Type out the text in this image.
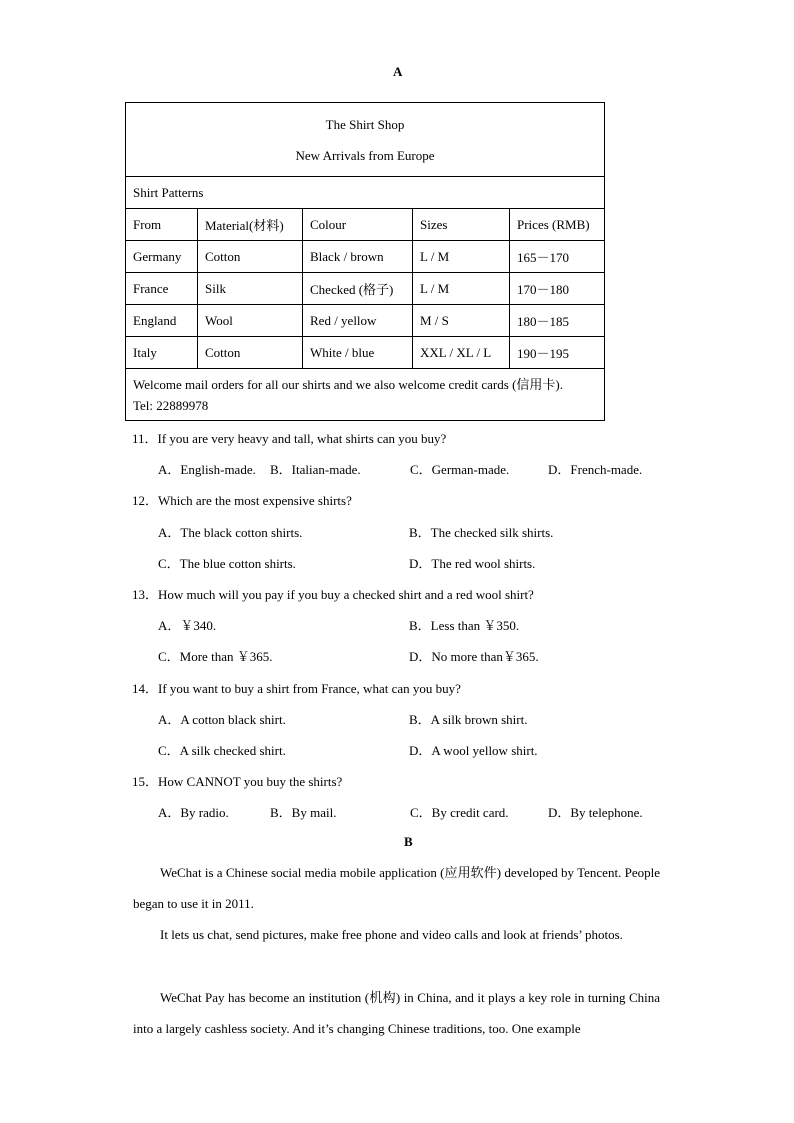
A
The Shirt Shop
New Arrivals from Europe				

Shirt Patterns				
From	Material(材料)	Colour	Sizes	Prices (RMB)
Germany	Cotton	Black / brown	L / M	165－170
France	Silk	Checked (格子)	L / M	170－180
England	Wool	Red / yellow	M / S	180－185
Italy	Cotton	White / blue	XXL / XL / L	190－195

Welcome mail orders for all our shirts and we also welcome credit cards (信用卡).
Tel: 22889978				
11．If you are very heavy and tall, what shirts can you buy?
A．English-made. B．Italian-made.	C．German-made.	D．French-made.
12．Which are the most expensive shirts?
A．The black cotton shirts.	B．The checked silk shirts.
C．The blue cotton shirts.	D．The red wool shirts.
13．How much will you pay if you buy a checked shirt and a red wool shirt?
A．￥340.	B．Less than ￥350.
C．More than ￥365.	D．No more than￥365.
14．If you want to buy a shirt from France, what can you buy?
A．A cotton black shirt.	B．A silk brown shirt.
C．A silk checked shirt.	D．A wool yellow shirt.
15．How CANNOT you buy the shirts?
A．By radio.	B．By mail.	C．By credit card.	D．By telephone.
B
WeChat is a Chinese social media mobile application (应用软件) developed by Tencent. People began to use it in 2011.
It lets us chat, send pictures, make free phone and video calls and look at friends’ photos.
WeChat Pay has become an institution (机构) in China, and it plays a key role in turning China into a largely cashless society. And it’s changing Chinese traditions, too. One example
